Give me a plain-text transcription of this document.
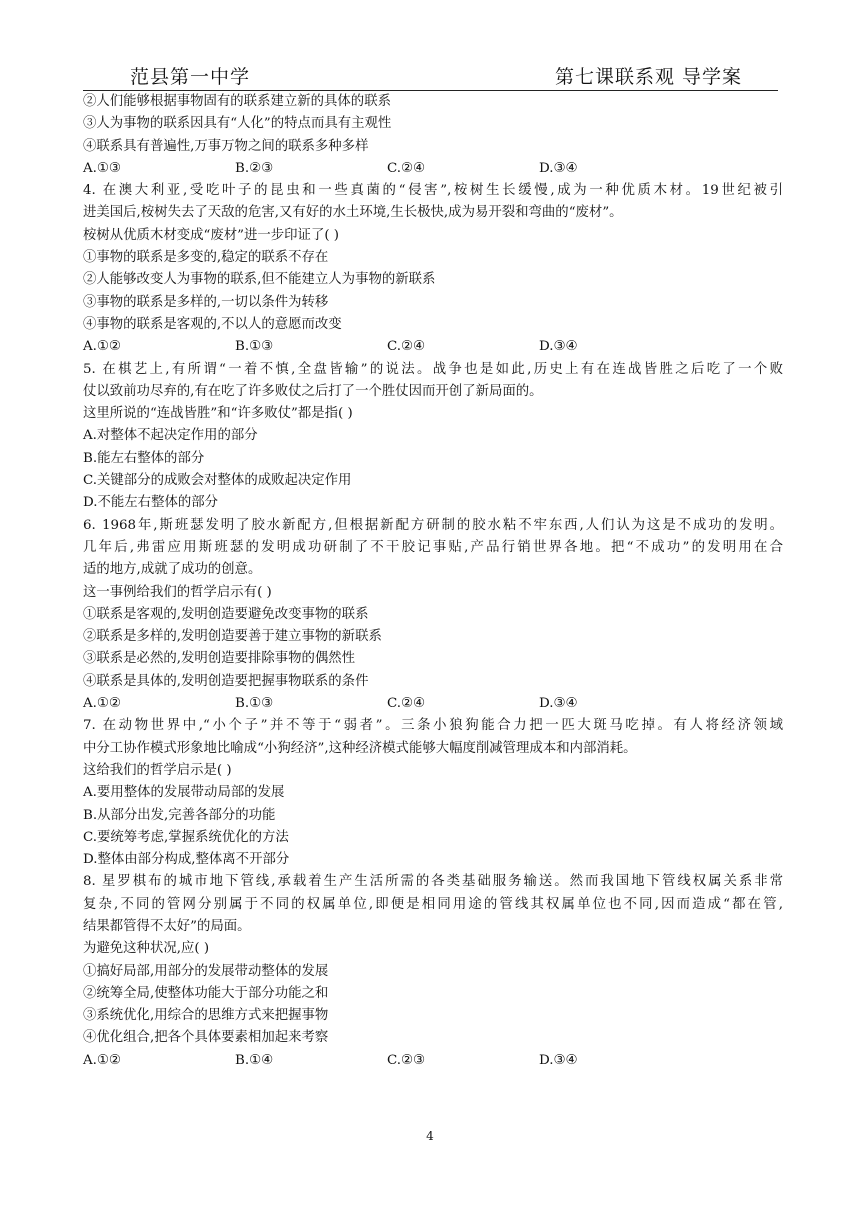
范县第一中学	第七课联系观 导学案
②人们能够根据事物固有的联系建立新的具体的联系
③人为事物的联系因具有“人化”的特点而具有主观性
④联系具有普遍性,万事万物之间的联系多种多样
A.①③	B.②③	C.②④	D.③④
4. 在澳大利亚,受吃叶子的昆虫和一些真菌的“侵害”,桉树生长缓慢,成为一种优质木材。19世纪被引
进美国后,桉树失去了天敌的危害,又有好的水土环境,生长极快,成为易开裂和弯曲的“废材”。
桉树从优质木材变成“废材”进一步印证了( )
①事物的联系是多变的,稳定的联系不存在
②人能够改变人为事物的联系,但不能建立人为事物的新联系
③事物的联系是多样的,一切以条件为转移
④事物的联系是客观的,不以人的意愿而改变
A.①②	B.①③	C.②④	D.③④
5. 在棋艺上,有所谓“一着不慎,全盘皆输”的说法。战争也是如此,历史上有在连战皆胜之后吃了一个败
仗以致前功尽弃的,有在吃了许多败仗之后打了一个胜仗因而开创了新局面的。
这里所说的“连战皆胜”和“许多败仗”都是指( )
A.对整体不起决定作用的部分
B.能左右整体的部分
C.关键部分的成败会对整体的成败起决定作用
D.不能左右整体的部分
6. 1968年,斯班瑟发明了胶水新配方,但根据新配方研制的胶水粘不牢东西,人们认为这是不成功的发明。
几年后,弗雷应用斯班瑟的发明成功研制了不干胶记事贴,产品行销世界各地。把“不成功”的发明用在合
适的地方,成就了成功的创意。
这一事例给我们的哲学启示有( )
①联系是客观的,发明创造要避免改变事物的联系
②联系是多样的,发明创造要善于建立事物的新联系
③联系是必然的,发明创造要排除事物的偶然性
④联系是具体的,发明创造要把握事物联系的条件
A.①②	B.①③	C.②④	D.③④
7. 在动物世界中,“小个子”并不等于“弱者”。三条小狼狗能合力把一匹大斑马吃掉。有人将经济领域
中分工协作模式形象地比喻成“小狗经济”,这种经济模式能够大幅度削减管理成本和内部消耗。
这给我们的哲学启示是( )
A.要用整体的发展带动局部的发展
B.从部分出发,完善各部分的功能
C.要统筹考虑,掌握系统优化的方法
D.整体由部分构成,整体离不开部分
8. 星罗棋布的城市地下管线,承载着生产生活所需的各类基础服务输送。然而我国地下管线权属关系非常
复杂,不同的管网分别属于不同的权属单位,即便是相同用途的管线其权属单位也不同,因而造成“都在管,
结果都管得不太好”的局面。
为避免这种状况,应( )
①搞好局部,用部分的发展带动整体的发展
②统筹全局,使整体功能大于部分功能之和
③系统优化,用综合的思维方式来把握事物
④优化组合,把各个具体要素相加起来考察
A.①②	B.①④	C.②③	D.③④
4
